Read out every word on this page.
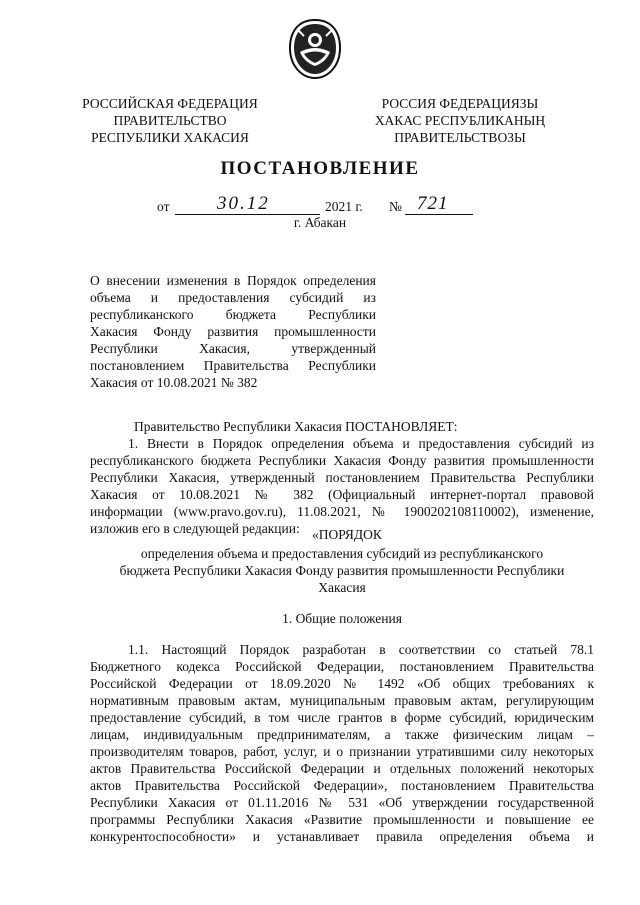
РОССИЙСКАЯ ФЕДЕРАЦИЯ
ПРАВИТЕЛЬСТВО
РЕСПУБЛИКИ ХАКАСИЯ
РОССИЯ ФЕДЕРАЦИЯЗЫ
ХАКАС РЕСПУБЛИКАНЫҢ
ПРАВИТЕЛЬСТВОЗЫ
ПОСТАНОВЛЕНИЕ
от	30.12	2021 г. № 721
г. Абакан
О внесении изменения в Порядок определения
объема и предоставления субсидий из
республиканского бюджета Республики
Хакасия Фонду развития промышленности
Республики Хакасия, утвержденный
постановлением Правительства Республики
Хакасия от 10.08.2021 № 382
Правительство Республики Хакасия ПОСТАНОВЛЯЕТ:
1. Внести в Порядок определения объема и предоставления субсидий из
республиканского бюджета Республики Хакасия Фонду развития промышленности
Республики Хакасия, утвержденный постановлением Правительства Республики
Хакасия от 10.08.2021 № 382 (Официальный интернет-портал правовой
информации (www.pravo.gov.ru), 11.08.2021, № 1900202108110002), изменение,
изложив его в следующей редакции: «ПОРЯДОК
определения объема и предоставления субсидий из республиканского
бюджета Республики Хакасия Фонду развития промышленности Республики
Хакасия
1. Общие положения
1.1. Настоящий Порядок разработан в соответствии со статьей 78.1
Бюджетного кодекса Российской Федерации, постановлением Правительства
Российской Федерации от 18.09.2020 № 1492 «Об общих требованиях к
нормативным правовым актам, муниципальным правовым актам, регулирующим
предоставление субсидий, в том числе грантов в форме субсидий, юридическим
лицам, индивидуальным предпринимателям, а также физическим лицам –
производителям товаров, работ, услуг, и о признании утратившими силу некоторых
актов Правительства Российской Федерации и отдельных положений некоторых
актов Правительства Российской Федерации», постановлением Правительства
Республики Хакасия от 01.11.2016 № 531 «Об утверждении государственной
программы Республики Хакасия «Развитие промышленности и повышение ее
конкурентоспособности» и устанавливает правила определения объема и
